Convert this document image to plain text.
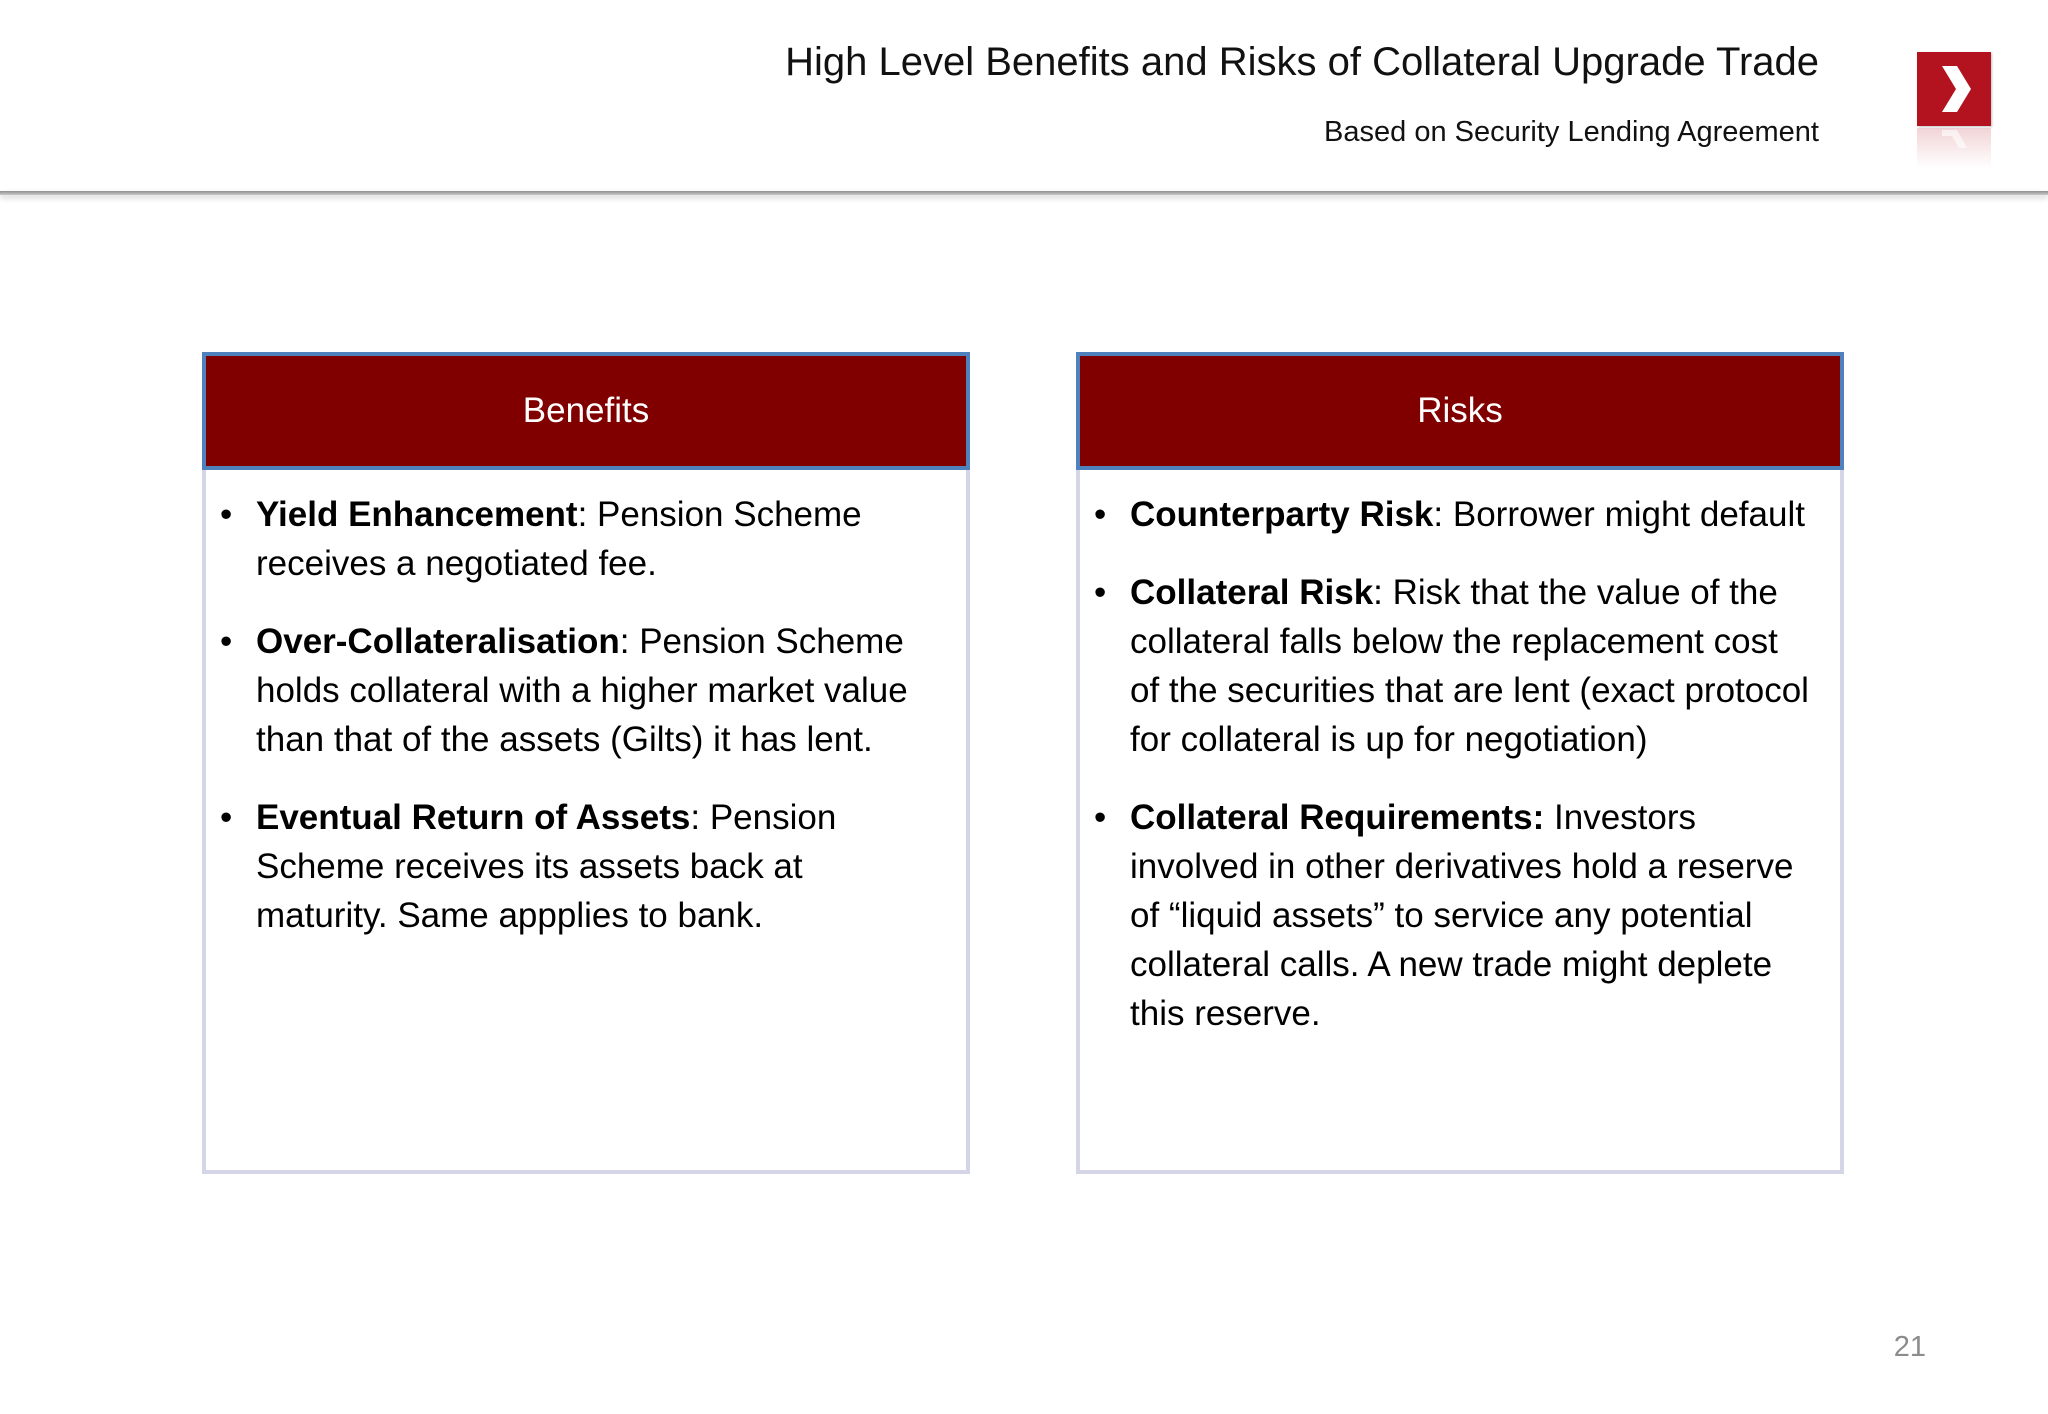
High Level Benefits and Risks of Collateral Upgrade Trade
Based on Security Lending Agreement
Benefits
• Yield Enhancement: Pension Scheme receives a negotiated fee.
• Over-Collateralisation: Pension Scheme holds collateral with a higher market value than that of the assets (Gilts) it has lent.
• Eventual Return of Assets: Pension Scheme receives its assets back at maturity. Same appplies to bank.
Risks
• Counterparty Risk: Borrower might default
• Collateral Risk: Risk that the value of the collateral falls below the replacement cost of the securities that are lent (exact protocol for collateral is up for negotiation)
• Collateral Requirements: Investors involved in other derivatives hold a reserve of “liquid assets” to service any potential collateral calls. A new trade might deplete this reserve.
21
